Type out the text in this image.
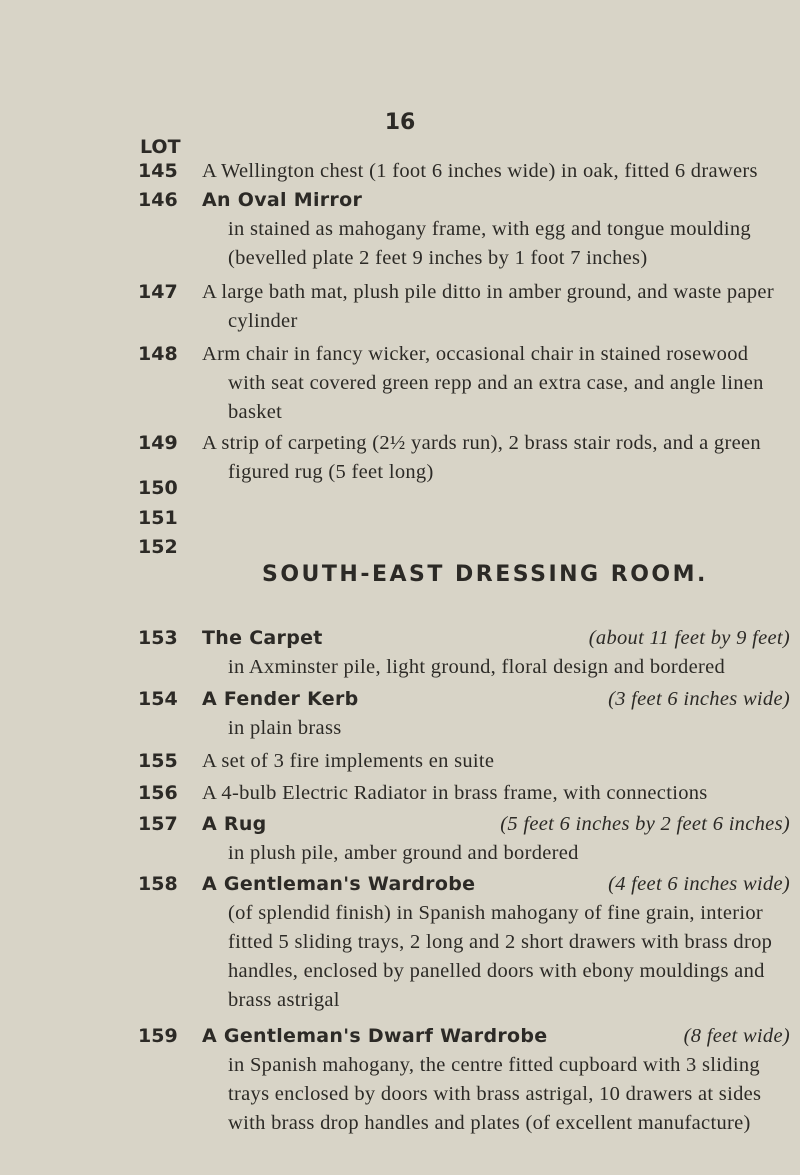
16
LOT
145
146
147
148
149
150
151
152
153
154
155
156
157
158
159
A Wellington chest (1 foot 6 inches wide) in oak, fitted 6 drawers
An Oval Mirror
in stained as mahogany frame, with egg and tongue moulding (bevelled plate 2 feet 9 inches by 1 foot 7 inches)
A large bath mat, plush pile ditto in amber ground, and waste paper cylinder
Arm chair in fancy wicker, occasional chair in stained rosewood with seat covered green repp and an extra case, and angle linen basket
A strip of carpeting (2½ yards run), 2 brass stair rods, and a green figured rug (5 feet long)
SOUTH-EAST DRESSING ROOM.
(about 11 feet by 9 feet)
The Carpet
in Axminster pile, light ground, floral design and bordered
(3 feet 6 inches wide)
A Fender Kerb
in plain brass
A set of 3 fire implements en suite
A 4-bulb Electric Radiator in brass frame, with connections
(5 feet 6 inches by 2 feet 6 inches)
A Rug
in plush pile, amber ground and bordered
(4 feet 6 inches wide)
A Gentleman's Wardrobe
(of splendid finish) in Spanish mahogany of fine grain, interior fitted 5 sliding trays, 2 long and 2 short drawers with brass drop handles, enclosed by panelled doors with ebony mouldings and brass astrigal
(8 feet wide)
A Gentleman's Dwarf Wardrobe
in Spanish mahogany, the centre fitted cupboard with 3 sliding trays enclosed by doors with brass astrigal, 10 drawers at sides with brass drop handles and plates (of excellent manufacture)
